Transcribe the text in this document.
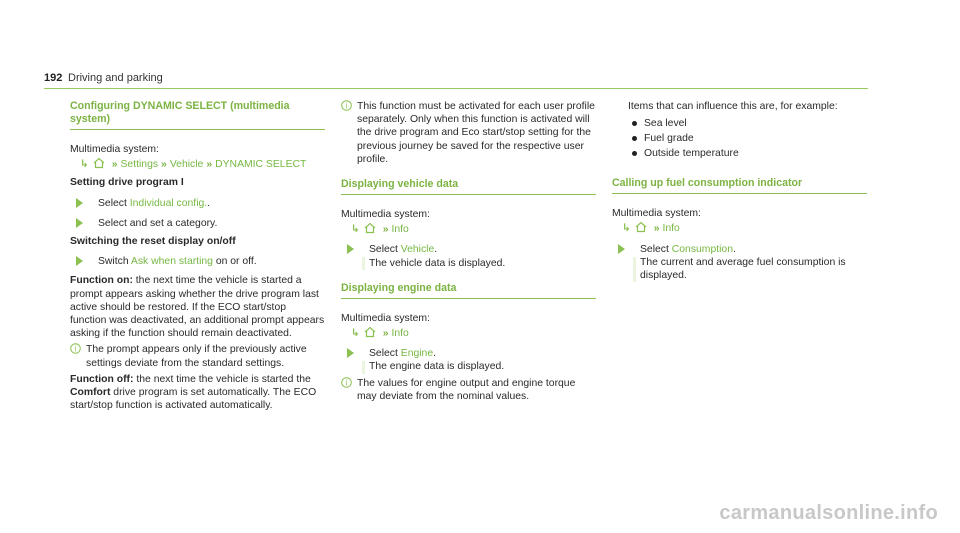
192 Driving and parking
Configuring DYNAMIC SELECT (multimedia system)

Multimedia system:

↳ » Settings » Vehicle » DYNAMIC SELECT

Setting drive program I

Select Individual config..
Select and set a category.

Switching the reset display on/off

Switch Ask when starting on or off.

Function on: the next time the vehicle is started a prompt appears asking whether the drive program last active should be restored. If the ECO start/stop function was deactivated, an additional prompt appears asking if the function should remain deactivated.

i The prompt appears only if the previously active settings deviate from the standard settings.

Function off: the next time the vehicle is started the Comfort drive program is set automatically. The ECO start/stop function is activated automatically.

i This function must be activated for each user profile separately. Only when this function is activated will the drive program and Eco start/stop setting for the previous journey be saved for the respective user profile.
Displaying vehicle data

Multimedia system:

↳ » Info
Select Vehicle.
The vehicle data is displayed.
Displaying engine data

Multimedia system:

↳ » Info
Select Engine.
The engine data is displayed.
i The values for engine output and engine torque may deviate from the nominal values.

Items that can influence this are, for example:

Sea level
Fuel grade
Outside temperature
Calling up fuel consumption indicator

Multimedia system:

↳ » Info
Select Consumption.
The current and average fuel consumption is displayed.
carmanualsonline.info
